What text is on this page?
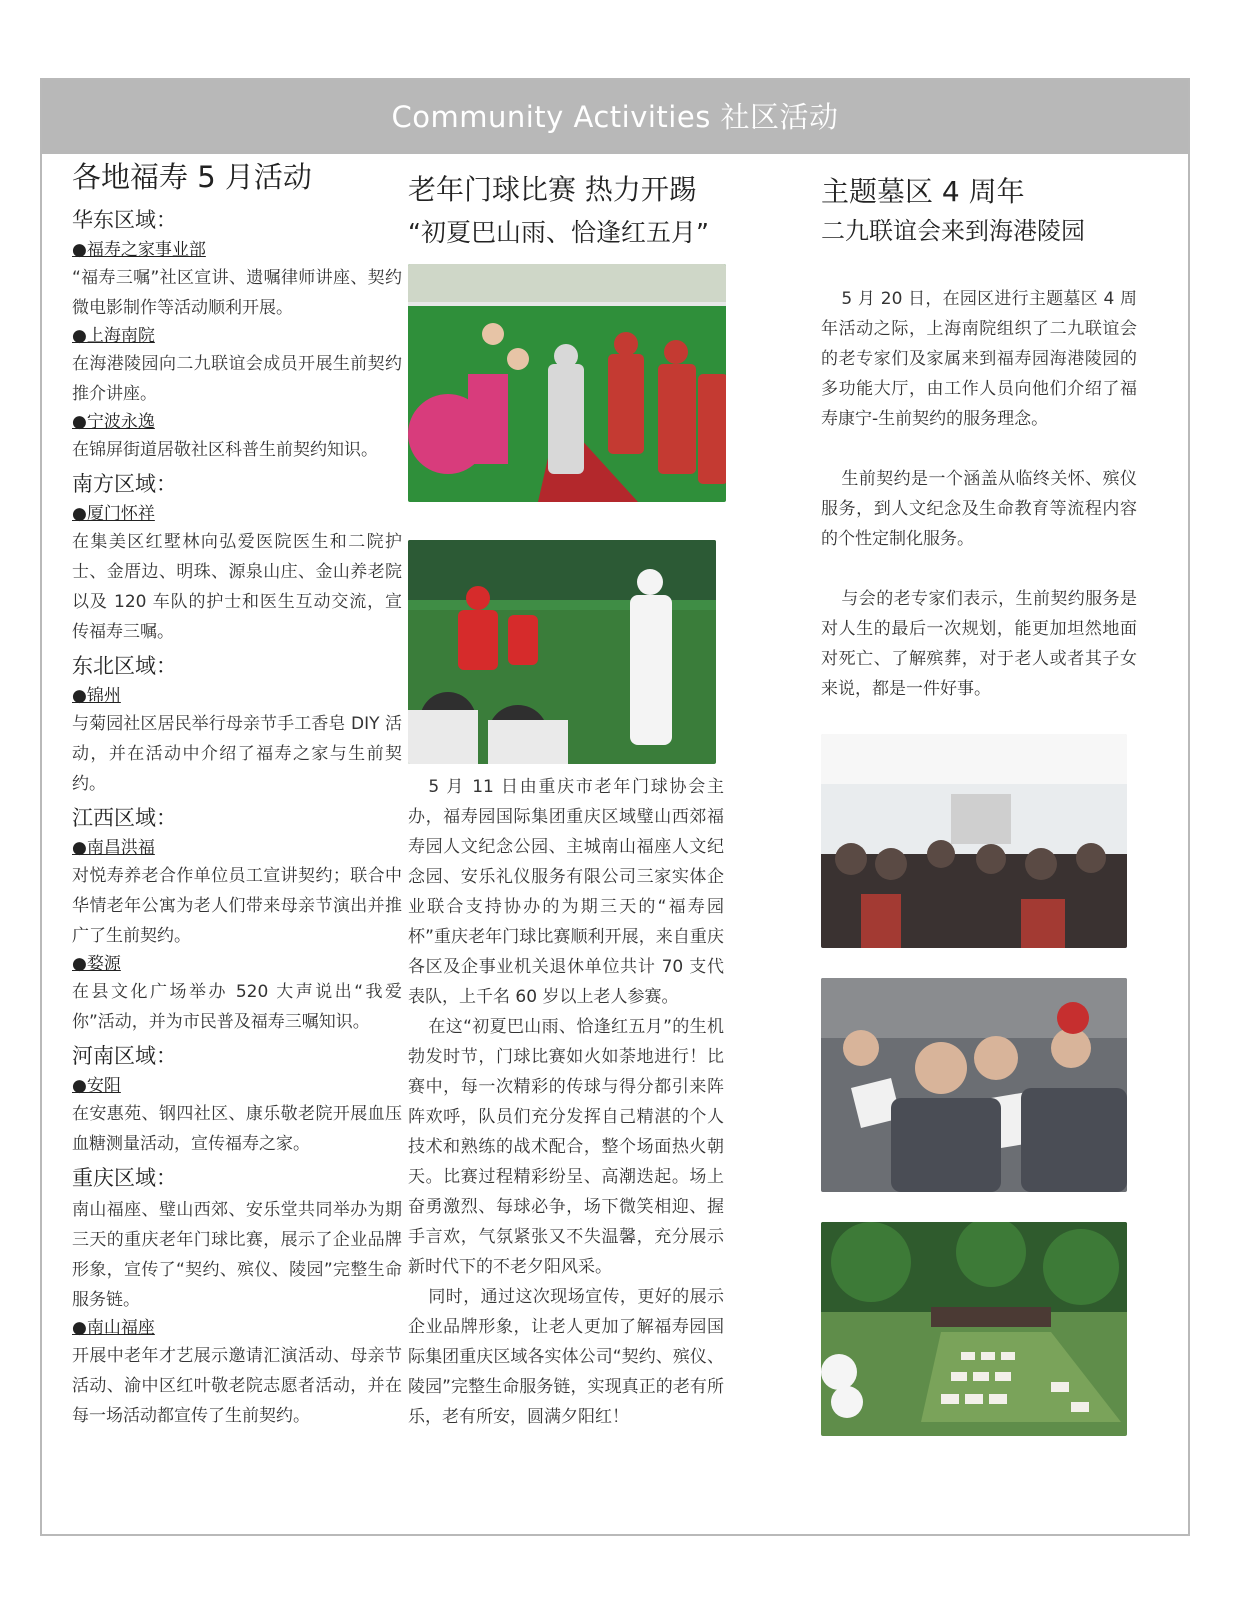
Community Activities 社区活动
各地福寿 5 月活动
华东区域：
●福寿之家事业部

“福寿三嘱”社区宣讲、遗嘱律师讲座、契约微电影制作等活动顺利开展。

●上海南院

在海港陵园向二九联谊会成员开展生前契约推介讲座。

●宁波永逸

在锦屏街道居敬社区科普生前契约知识。

南方区域：
●厦门怀祥

在集美区红墅林向弘爱医院医生和二院护士、金厝边、明珠、源泉山庄、金山养老院以及 120 车队的护士和医生互动交流，宣传福寿三嘱。

东北区域：
●锦州

与菊园社区居民举行母亲节手工香皂 DIY 活动，并在活动中介绍了福寿之家与生前契约。

江西区域：
●南昌洪福

对悦寿养老合作单位员工宣讲契约；联合中华情老年公寓为老人们带来母亲节演出并推广了生前契约。

●婺源

在县文化广场举办 520 大声说出“我爱你”活动，并为市民普及福寿三嘱知识。

河南区域：
●安阳

在安惠苑、钢四社区、康乐敬老院开展血压血糖测量活动，宣传福寿之家。

重庆区域：

南山福座、璧山西郊、安乐堂共同举办为期三天的重庆老年门球比赛，展示了企业品牌形象，宣传了“契约、殡仪、陵园”完整生命服务链。

●南山福座

开展中老年才艺展示邀请汇演活动、母亲节活动、渝中区红叶敬老院志愿者活动，并在每一场活动都宣传了生前契约。

老年门球比赛 热力开踢

“初夏巴山雨、恰逢红五月”

5 月 11 日由重庆市老年门球协会主办，福寿园国际集团重庆区域璧山西郊福寿园人文纪念公园、主城南山福座人文纪念园、安乐礼仪服务有限公司三家实体企业联合支持协办的为期三天的“福寿园杯”重庆老年门球比赛顺利开展，来自重庆各区及企事业机关退休单位共计 70 支代表队，上千名 60 岁以上老人参赛。

在这“初夏巴山雨、恰逢红五月”的生机勃发时节，门球比赛如火如荼地进行！比赛中，每一次精彩的传球与得分都引来阵阵欢呼，队员们充分发挥自己精湛的个人技术和熟练的战术配合，整个场面热火朝天。比赛过程精彩纷呈、高潮迭起。场上奋勇激烈、每球必争，场下微笑相迎、握手言欢，气氛紧张又不失温馨，充分展示新时代下的不老夕阳风采。

同时，通过这次现场宣传，更好的展示企业品牌形象，让老人更加了解福寿园国际集团重庆区域各实体公司“契约、殡仪、陵园”完整生命服务链，实现真正的老有所乐，老有所安，圆满夕阳红！

主题墓区 4 周年

二九联谊会来到海港陵园

5 月 20 日，在园区进行主题墓区 4 周年活动之际，上海南院组织了二九联谊会的老专家们及家属来到福寿园海港陵园的多功能大厅，由工作人员向他们介绍了福寿康宁-生前契约的服务理念。

生前契约是一个涵盖从临终关怀、殡仪服务，到人文纪念及生命教育等流程内容的个性定制化服务。

与会的老专家们表示，生前契约服务是对人生的最后一次规划，能更加坦然地面对死亡、了解殡葬，对于老人或者其子女来说，都是一件好事。
